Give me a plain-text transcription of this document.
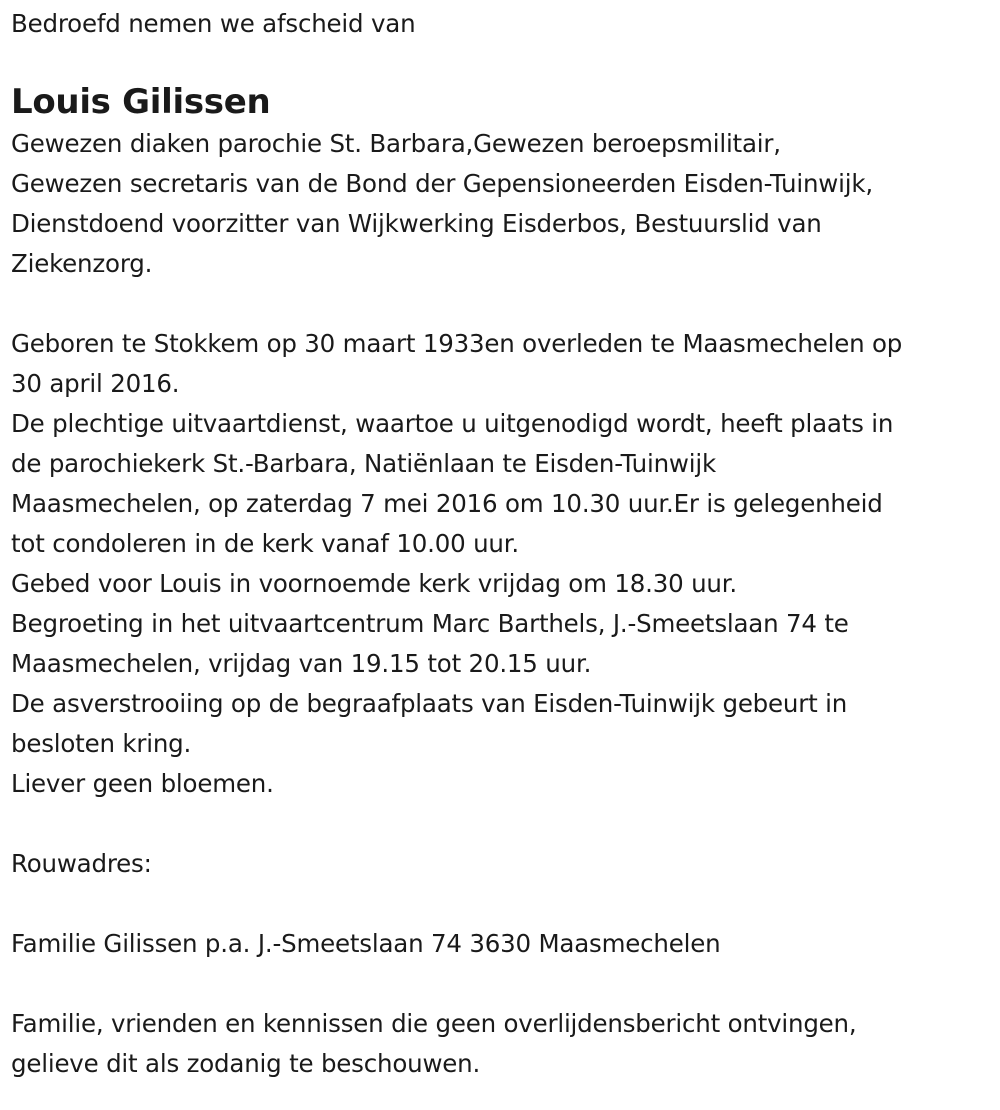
Bedroefd nemen we afscheid van
Louis Gilissen
Gewezen diaken parochie St. Barbara,Gewezen beroepsmilitair,
Gewezen secretaris van de Bond der Gepensioneerden Eisden-Tuinwijk,
Dienstdoend voorzitter van Wijkwerking Eisderbos, Bestuurslid van
Ziekenzorg.
Geboren te Stokkem op 30 maart 1933en overleden te Maasmechelen op
30 april 2016.
De plechtige uitvaartdienst, waartoe u uitgenodigd wordt, heeft plaats in
de parochiekerk St.-Barbara, Natiënlaan te Eisden-Tuinwijk
Maasmechelen, op zaterdag 7 mei 2016 om 10.30 uur.Er is gelegenheid
tot condoleren in de kerk vanaf 10.00 uur.
Gebed voor Louis in voornoemde kerk vrijdag om 18.30 uur.
Begroeting in het uitvaartcentrum Marc Barthels, J.-Smeetslaan 74 te
Maasmechelen, vrijdag van 19.15 tot 20.15 uur.
De asverstrooiing op de begraafplaats van Eisden-Tuinwijk gebeurt in
besloten kring.
Liever geen bloemen.
Rouwadres:
Familie Gilissen p.a. J.-Smeetslaan 74 3630 Maasmechelen
Familie, vrienden en kennissen die geen overlijdensbericht ontvingen,
gelieve dit als zodanig te beschouwen.
